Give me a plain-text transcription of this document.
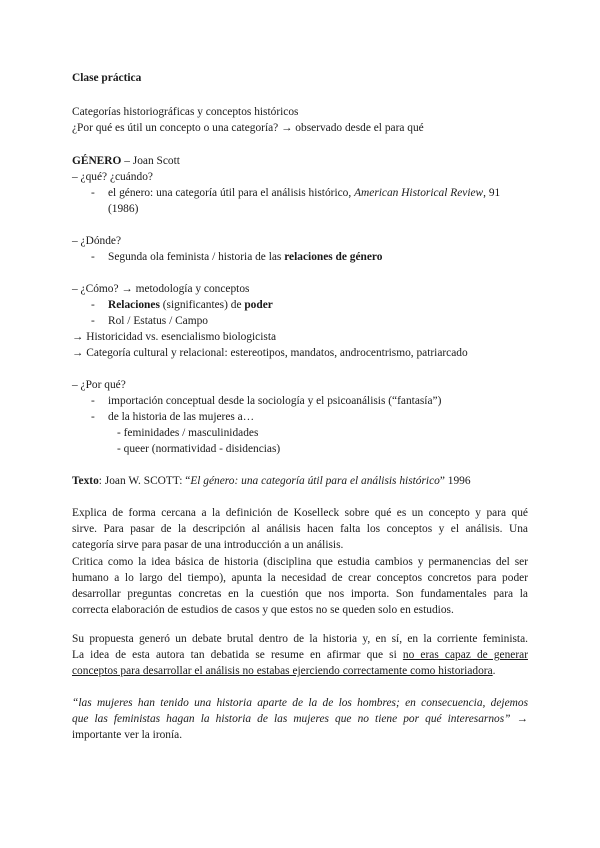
Clase práctica
Categorías historiográficas y conceptos históricos
¿Por qué es útil un concepto o una categoría? → observado desde el para qué
GÉNERO – Joan Scott
– ¿qué? ¿cuándo?
- el género: una categoría útil para el análisis histórico, American Historical Review, 91
(1986)
– ¿Dónde?
- Segunda ola feminista / historia de las relaciones de género
– ¿Cómo? → metodología y conceptos
- Relaciones (significantes) de poder
- Rol / Estatus / Campo
→ Historicidad vs. esencialismo biologicista
→ Categoría cultural y relacional: estereotipos, mandatos, androcentrismo, patriarcado
– ¿Por qué?
- importación conceptual desde la sociología y el psicoanálisis (“fantasía”)
- de la historia de las mujeres a…
- feminidades / masculinidades
- queer (normatividad - disidencias)
Texto: Joan W. SCOTT: “El género: una categoría útil para el análisis histórico” 1996

Explica de forma cercana a la definición de Koselleck sobre qué es un concepto y para qué

sirve. Para pasar de la descripción al análisis hacen falta los conceptos y el análisis. Una

categoría sirve para pasar de una introducción a un análisis.

Critica como la idea básica de historia (disciplina que estudia cambios y permanencias del ser

humano a lo largo del tiempo), apunta la necesidad de crear conceptos concretos para poder

desarrollar preguntas concretas en la cuestión que nos importa. Son fundamentales para la

correcta elaboración de estudios de casos y que estos no se queden solo en estudios.

Su propuesta generó un debate brutal dentro de la historia y, en sí, en la corriente feminista.

La idea de esta autora tan debatida se resume en afirmar que si no eras capaz de generar

conceptos para desarrollar el análisis no estabas ejerciendo correctamente como historiadora.

“las mujeres han tenido una historia aparte de la de los hombres; en consecuencia, dejemos

que las feministas hagan la historia de las mujeres que no tiene por qué interesarnos” →

importante ver la ironía.
